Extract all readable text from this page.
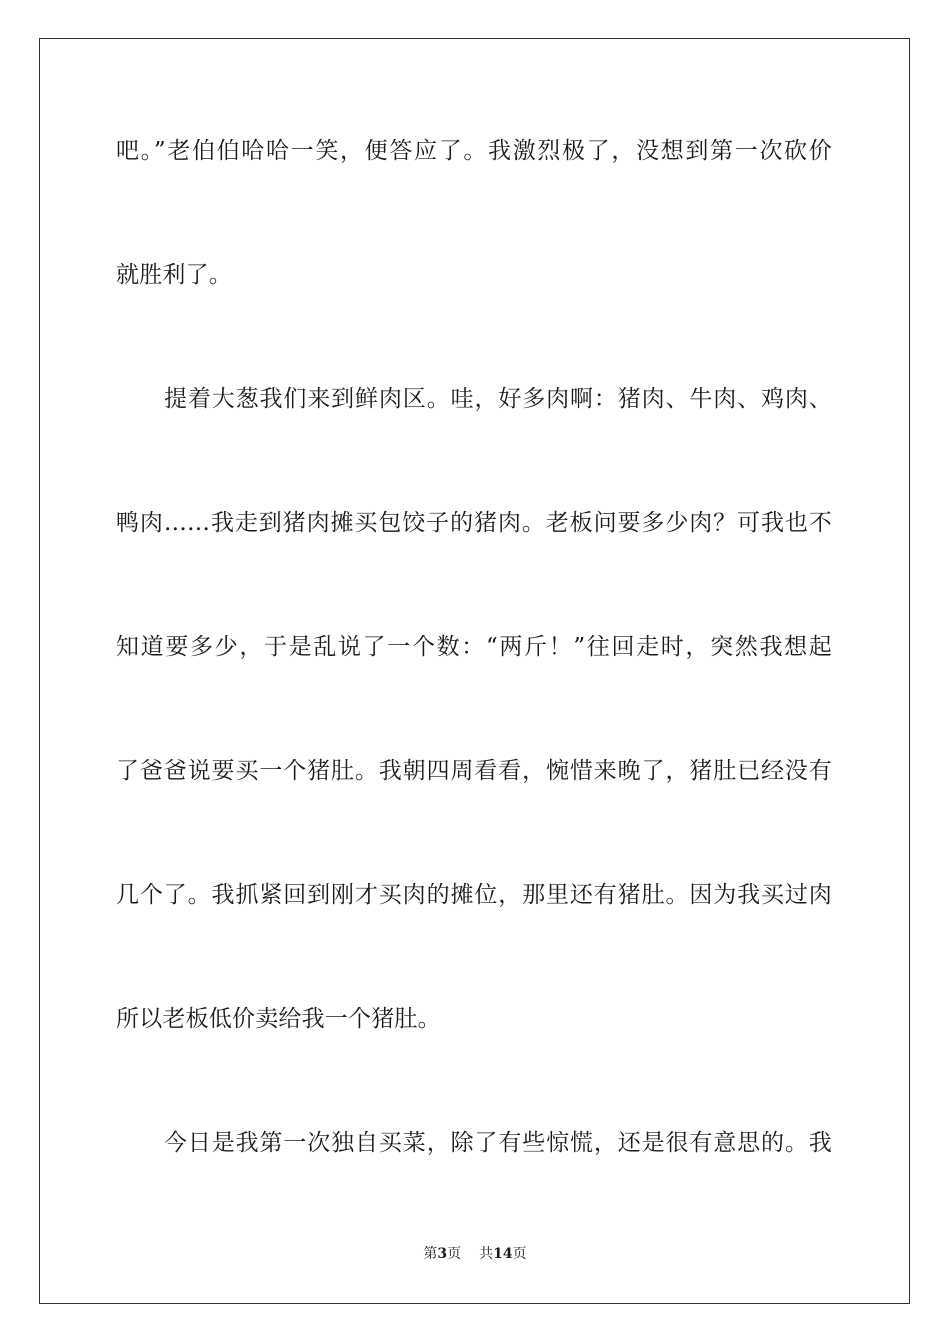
吧。”老伯伯哈哈一笑，便答应了。我激烈极了，没想到第一次砍价
就胜利了。
提着大葱我们来到鲜肉区。哇，好多肉啊：猪肉、牛肉、鸡肉、
鸭肉……我走到猪肉摊买包饺子的猪肉。老板问要多少肉？可我也不
知道要多少，于是乱说了一个数：“两斤！”往回走时，突然我想起
了爸爸说要买一个猪肚。我朝四周看看，惋惜来晚了，猪肚已经没有
几个了。我抓紧回到刚才买肉的摊位，那里还有猪肚。因为我买过肉
所以老板低价卖给我一个猪肚。
今日是我第一次独自买菜，除了有些惊慌，还是很有意思的。我
第3页 共14页
